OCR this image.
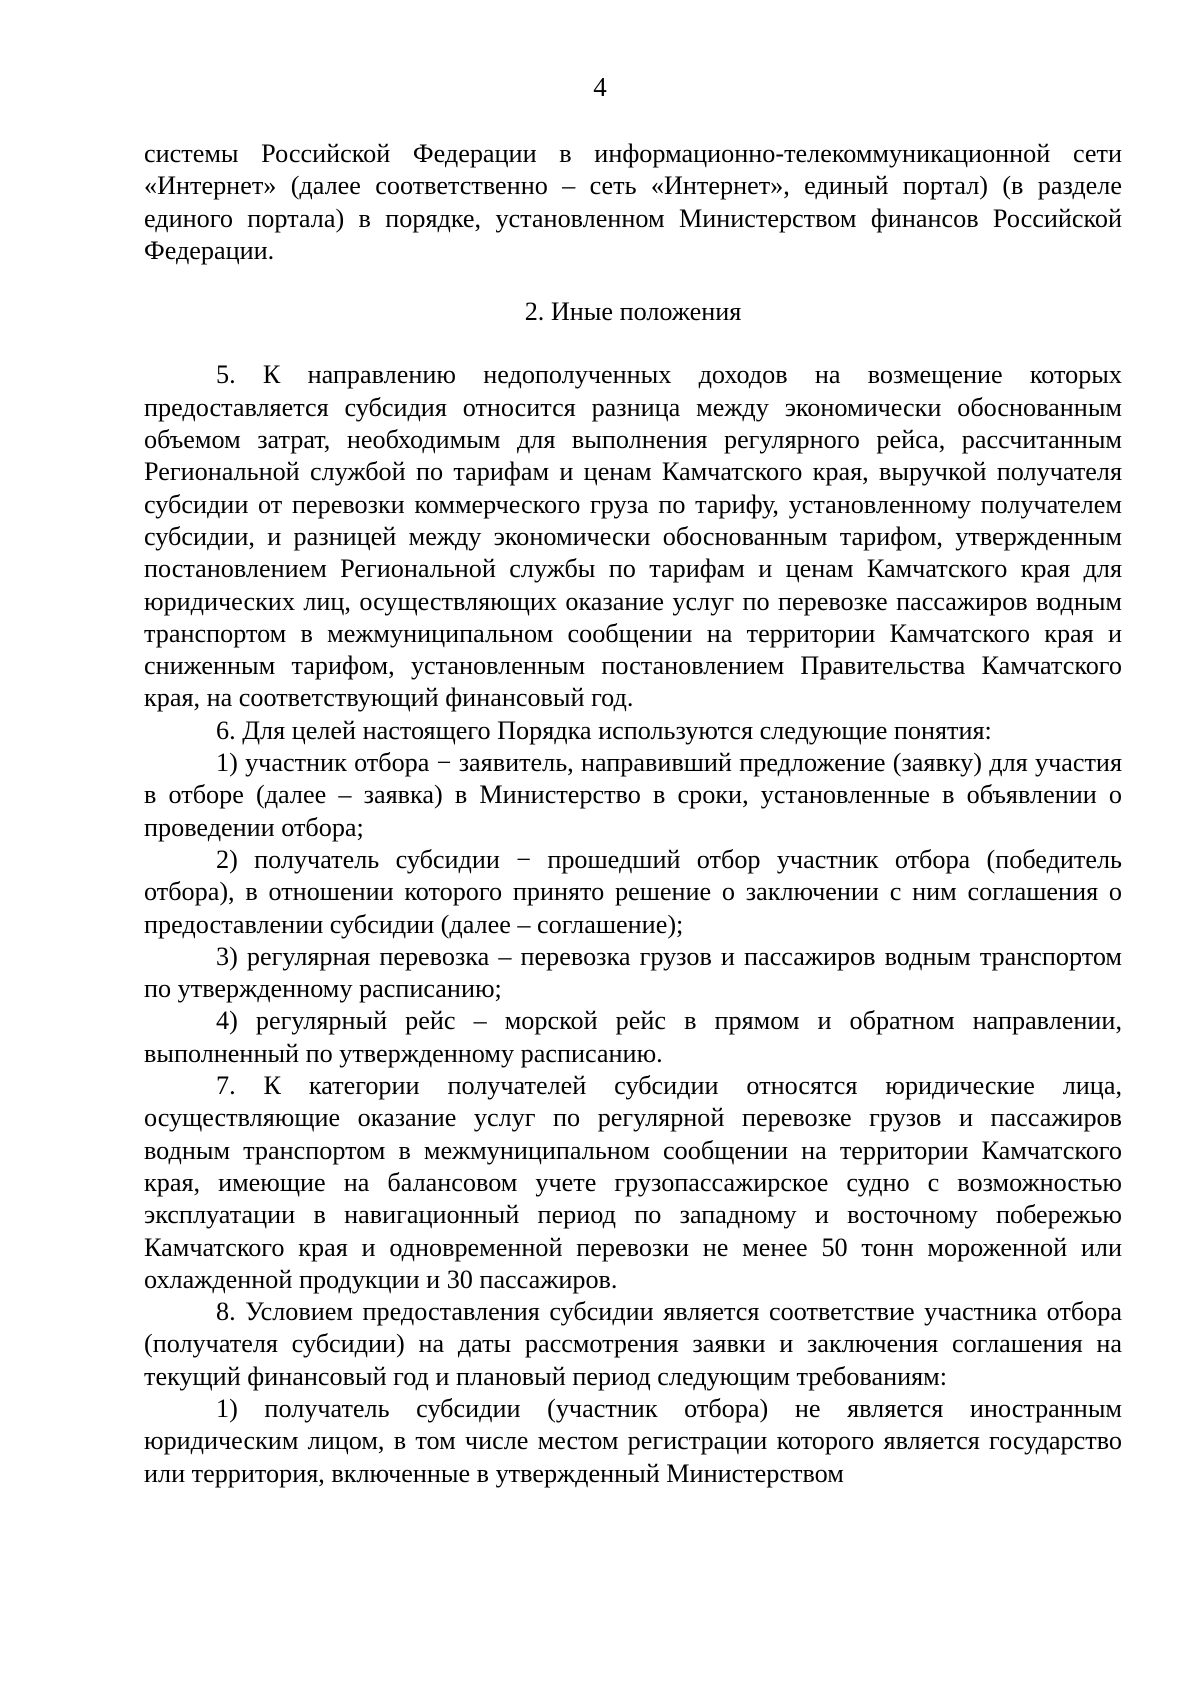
4

системы Российской Федерации в информационно-телекоммуникационной сети «Интернет» (далее соответственно – сеть «Интернет», единый портал) (в разделе единого портала) в порядке, установленном Министерством финансов Российской Федерации.

2. Иные положения

5. К направлению недополученных доходов на возмещение которых предоставляется субсидия относится разница между экономически обоснованным объемом затрат, необходимым для выполнения регулярного рейса, рассчитанным Региональной службой по тарифам и ценам Камчатского края, выручкой получателя субсидии от перевозки коммерческого груза по тарифу, установленному получателем субсидии, и разницей между экономически обоснованным тарифом, утвержденным постановлением Региональной службы по тарифам и ценам Камчатского края для юридических лиц, осуществляющих оказание услуг по перевозке пассажиров водным транспортом в межмуниципальном сообщении на территории Камчатского края и сниженным тарифом, установленным постановлением Правительства Камчатского края, на соответствующий финансовый год.

6. Для целей настоящего Порядка используются следующие понятия:

1) участник отбора − заявитель, направивший предложение (заявку) для участия в отборе (далее – заявка) в Министерство в сроки, установленные в объявлении о проведении отбора;

2) получатель субсидии − прошедший отбор участник отбора (победитель отбора), в отношении которого принято решение о заключении с ним соглашения о предоставлении субсидии (далее – соглашение);

3) регулярная перевозка – перевозка грузов и пассажиров водным транспортом по утвержденному расписанию;

4) регулярный рейс – морской рейс в прямом и обратном направлении, выполненный по утвержденному расписанию.

7. К категории получателей субсидии относятся юридические лица, осуществляющие оказание услуг по регулярной перевозке грузов и пассажиров водным транспортом в межмуниципальном сообщении на территории Камчатского края, имеющие на балансовом учете грузопассажирское судно с возможностью эксплуатации в навигационный период по западному и восточному побережью Камчатского края и одновременной перевозки не менее 50 тонн мороженной или охлажденной продукции и 30 пассажиров.

8. Условием предоставления субсидии является соответствие участника отбора (получателя субсидии) на даты рассмотрения заявки и заключения соглашения на текущий финансовый год и плановый период следующим требованиям:

1) получатель субсидии (участник отбора) не является иностранным юридическим лицом, в том числе местом регистрации которого является государство или территория, включенные в утвержденный Министерством
